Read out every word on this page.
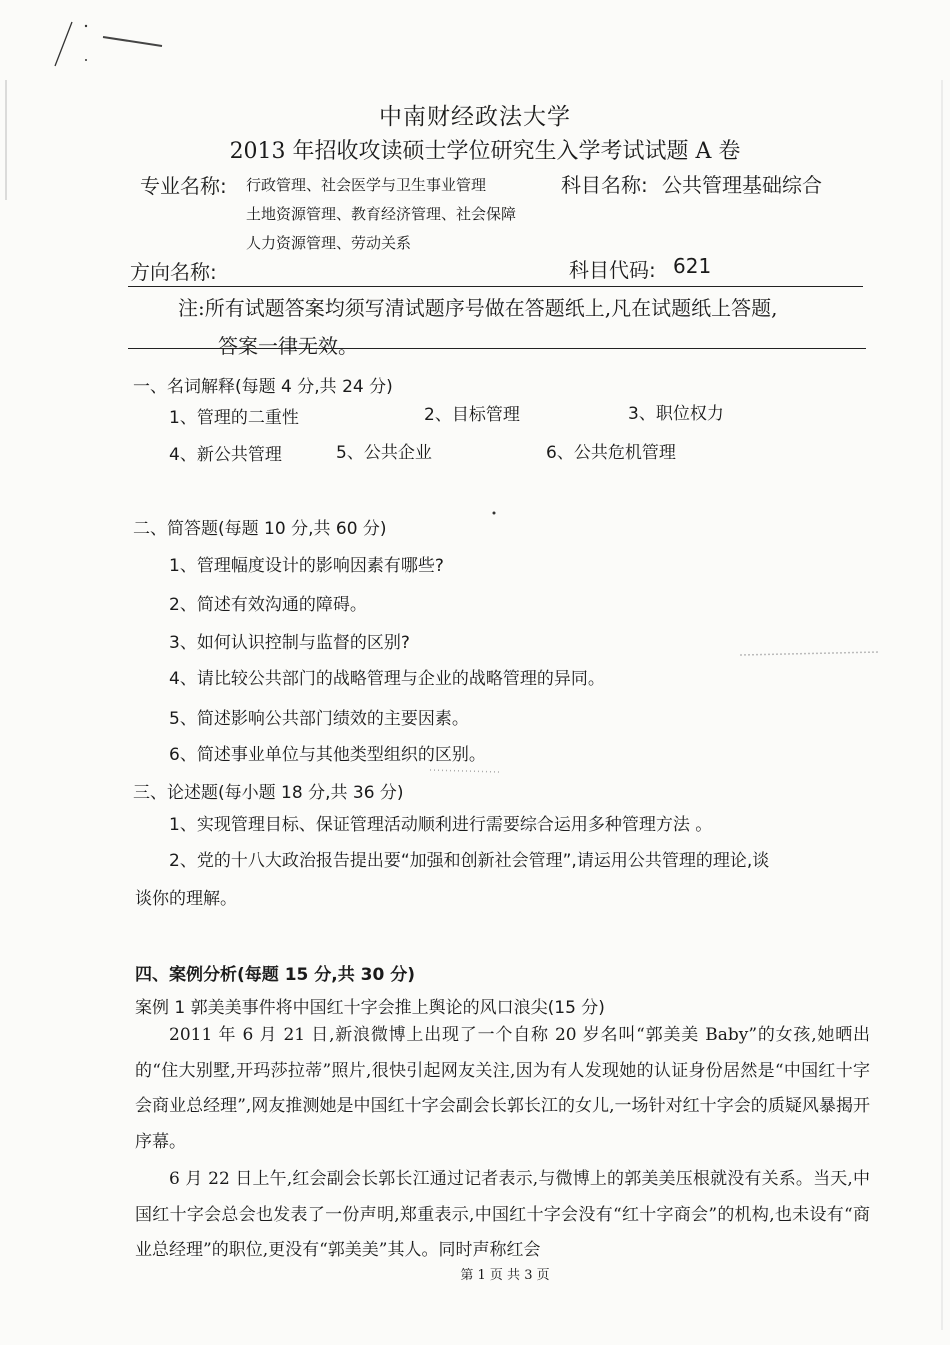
中南财经政法大学
2013 年招收攻读硕士学位研究生入学考试试题 A 卷
专业名称: 行政管理、社会医学与卫生事业管理
土地资源管理、教育经济管理、社会保障
人力资源管理、劳动关系
科目名称: 公共管理基础综合
方向名称:	科目代码: 621
注:所有试题答案均须写清试题序号做在答题纸上,凡在试题纸上答题,
答案一律无效。
一、名词解释(每题 4 分,共 24 分)
1、管理的二重性	2、目标管理	3、职位权力
4、新公共管理	5、公共企业	6、公共危机管理
二、简答题(每题 10 分,共 60 分)
1、管理幅度设计的影响因素有哪些?
2、简述有效沟通的障碍。
3、如何认识控制与监督的区别?
4、请比较公共部门的战略管理与企业的战略管理的异同。
5、简述影响公共部门绩效的主要因素。
6、简述事业单位与其他类型组织的区别。
三、论述题(每小题 18 分,共 36 分)
1、实现管理目标、保证管理活动顺利进行需要综合运用多种管理方法 。
2、党的十八大政治报告提出要“加强和创新社会管理”,请运用公共管理的理论,谈
谈你的理解。
四、案例分析(每题 15 分,共 30 分)
案例 1 郭美美事件将中国红十字会推上舆论的风口浪尖(15 分)

2011 年 6 月 21 日,新浪微博上出现了一个自称 20 岁名叫“郭美美 Baby”的女孩,她晒出的“住大别墅,开玛莎拉蒂”照片,很快引起网友关注,因为有人发现她的认证身份居然是“中国红十字会商业总经理”,网友推测她是中国红十字会副会长郭长江的女儿,一场针对红十字会的质疑风暴揭开序幕。

6 月 22 日上午,红会副会长郭长江通过记者表示,与微博上的郭美美压根就没有关系。当天,中国红十字会总会也发表了一份声明,郑重表示,中国红十字会没有“红十字商会”的机构,也未设有“商业总经理”的职位,更没有“郭美美”其人。同时声称红会

第 1 页 共 3 页
